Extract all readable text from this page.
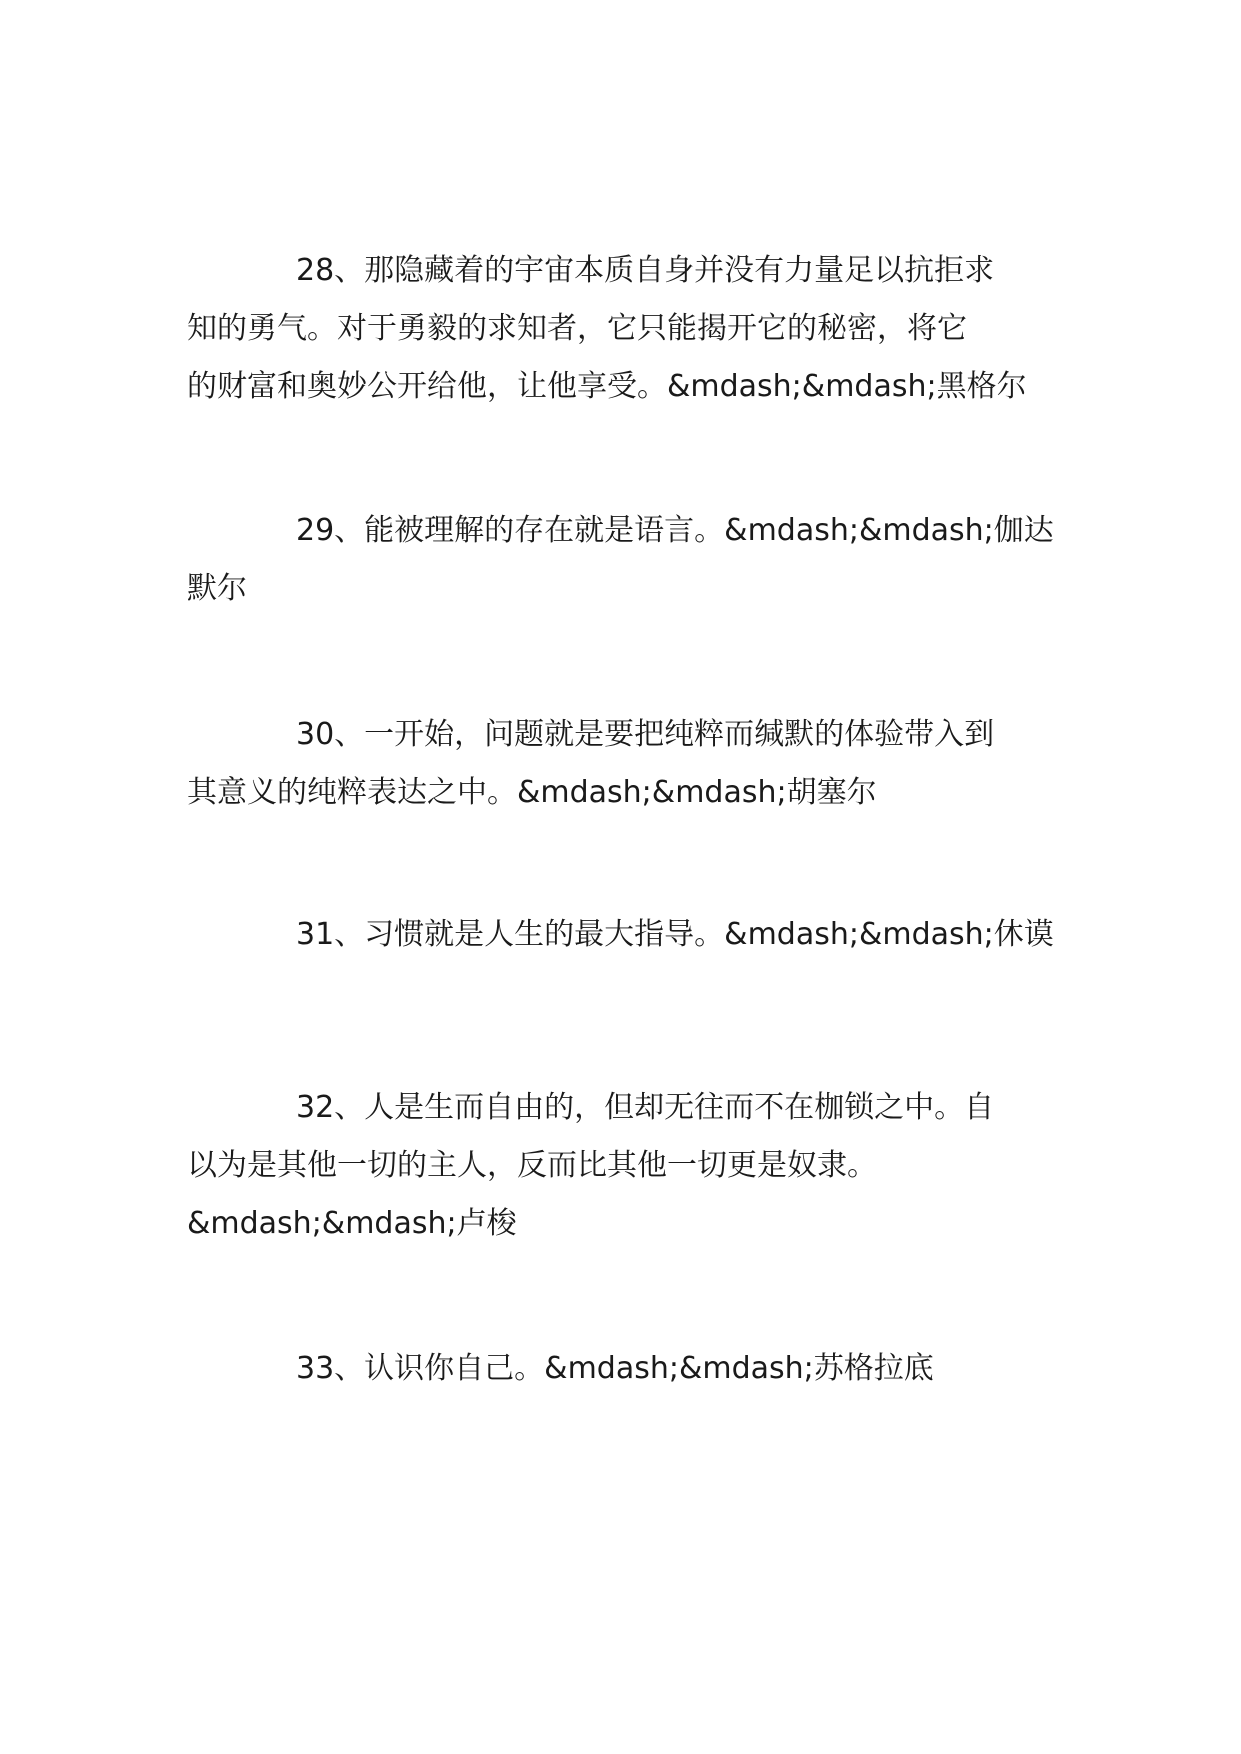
28、那隐藏着的宇宙本质自身并没有力量足以抗拒求
知的勇气。对于勇毅的求知者，它只能揭开它的秘密，将它
的财富和奥妙公开给他，让他享受。&mdash;&mdash;黑格尔
29、能被理解的存在就是语言。&mdash;&mdash;伽达
默尔
30、一开始，问题就是要把纯粹而缄默的体验带入到
其意义的纯粹表达之中。&mdash;&mdash;胡塞尔
31、习惯就是人生的最大指导。&mdash;&mdash;休谟
32、人是生而自由的，但却无往而不在枷锁之中。自
以为是其他一切的主人，反而比其他一切更是奴隶。
&mdash;&mdash;卢梭
33、认识你自己。&mdash;&mdash;苏格拉底
